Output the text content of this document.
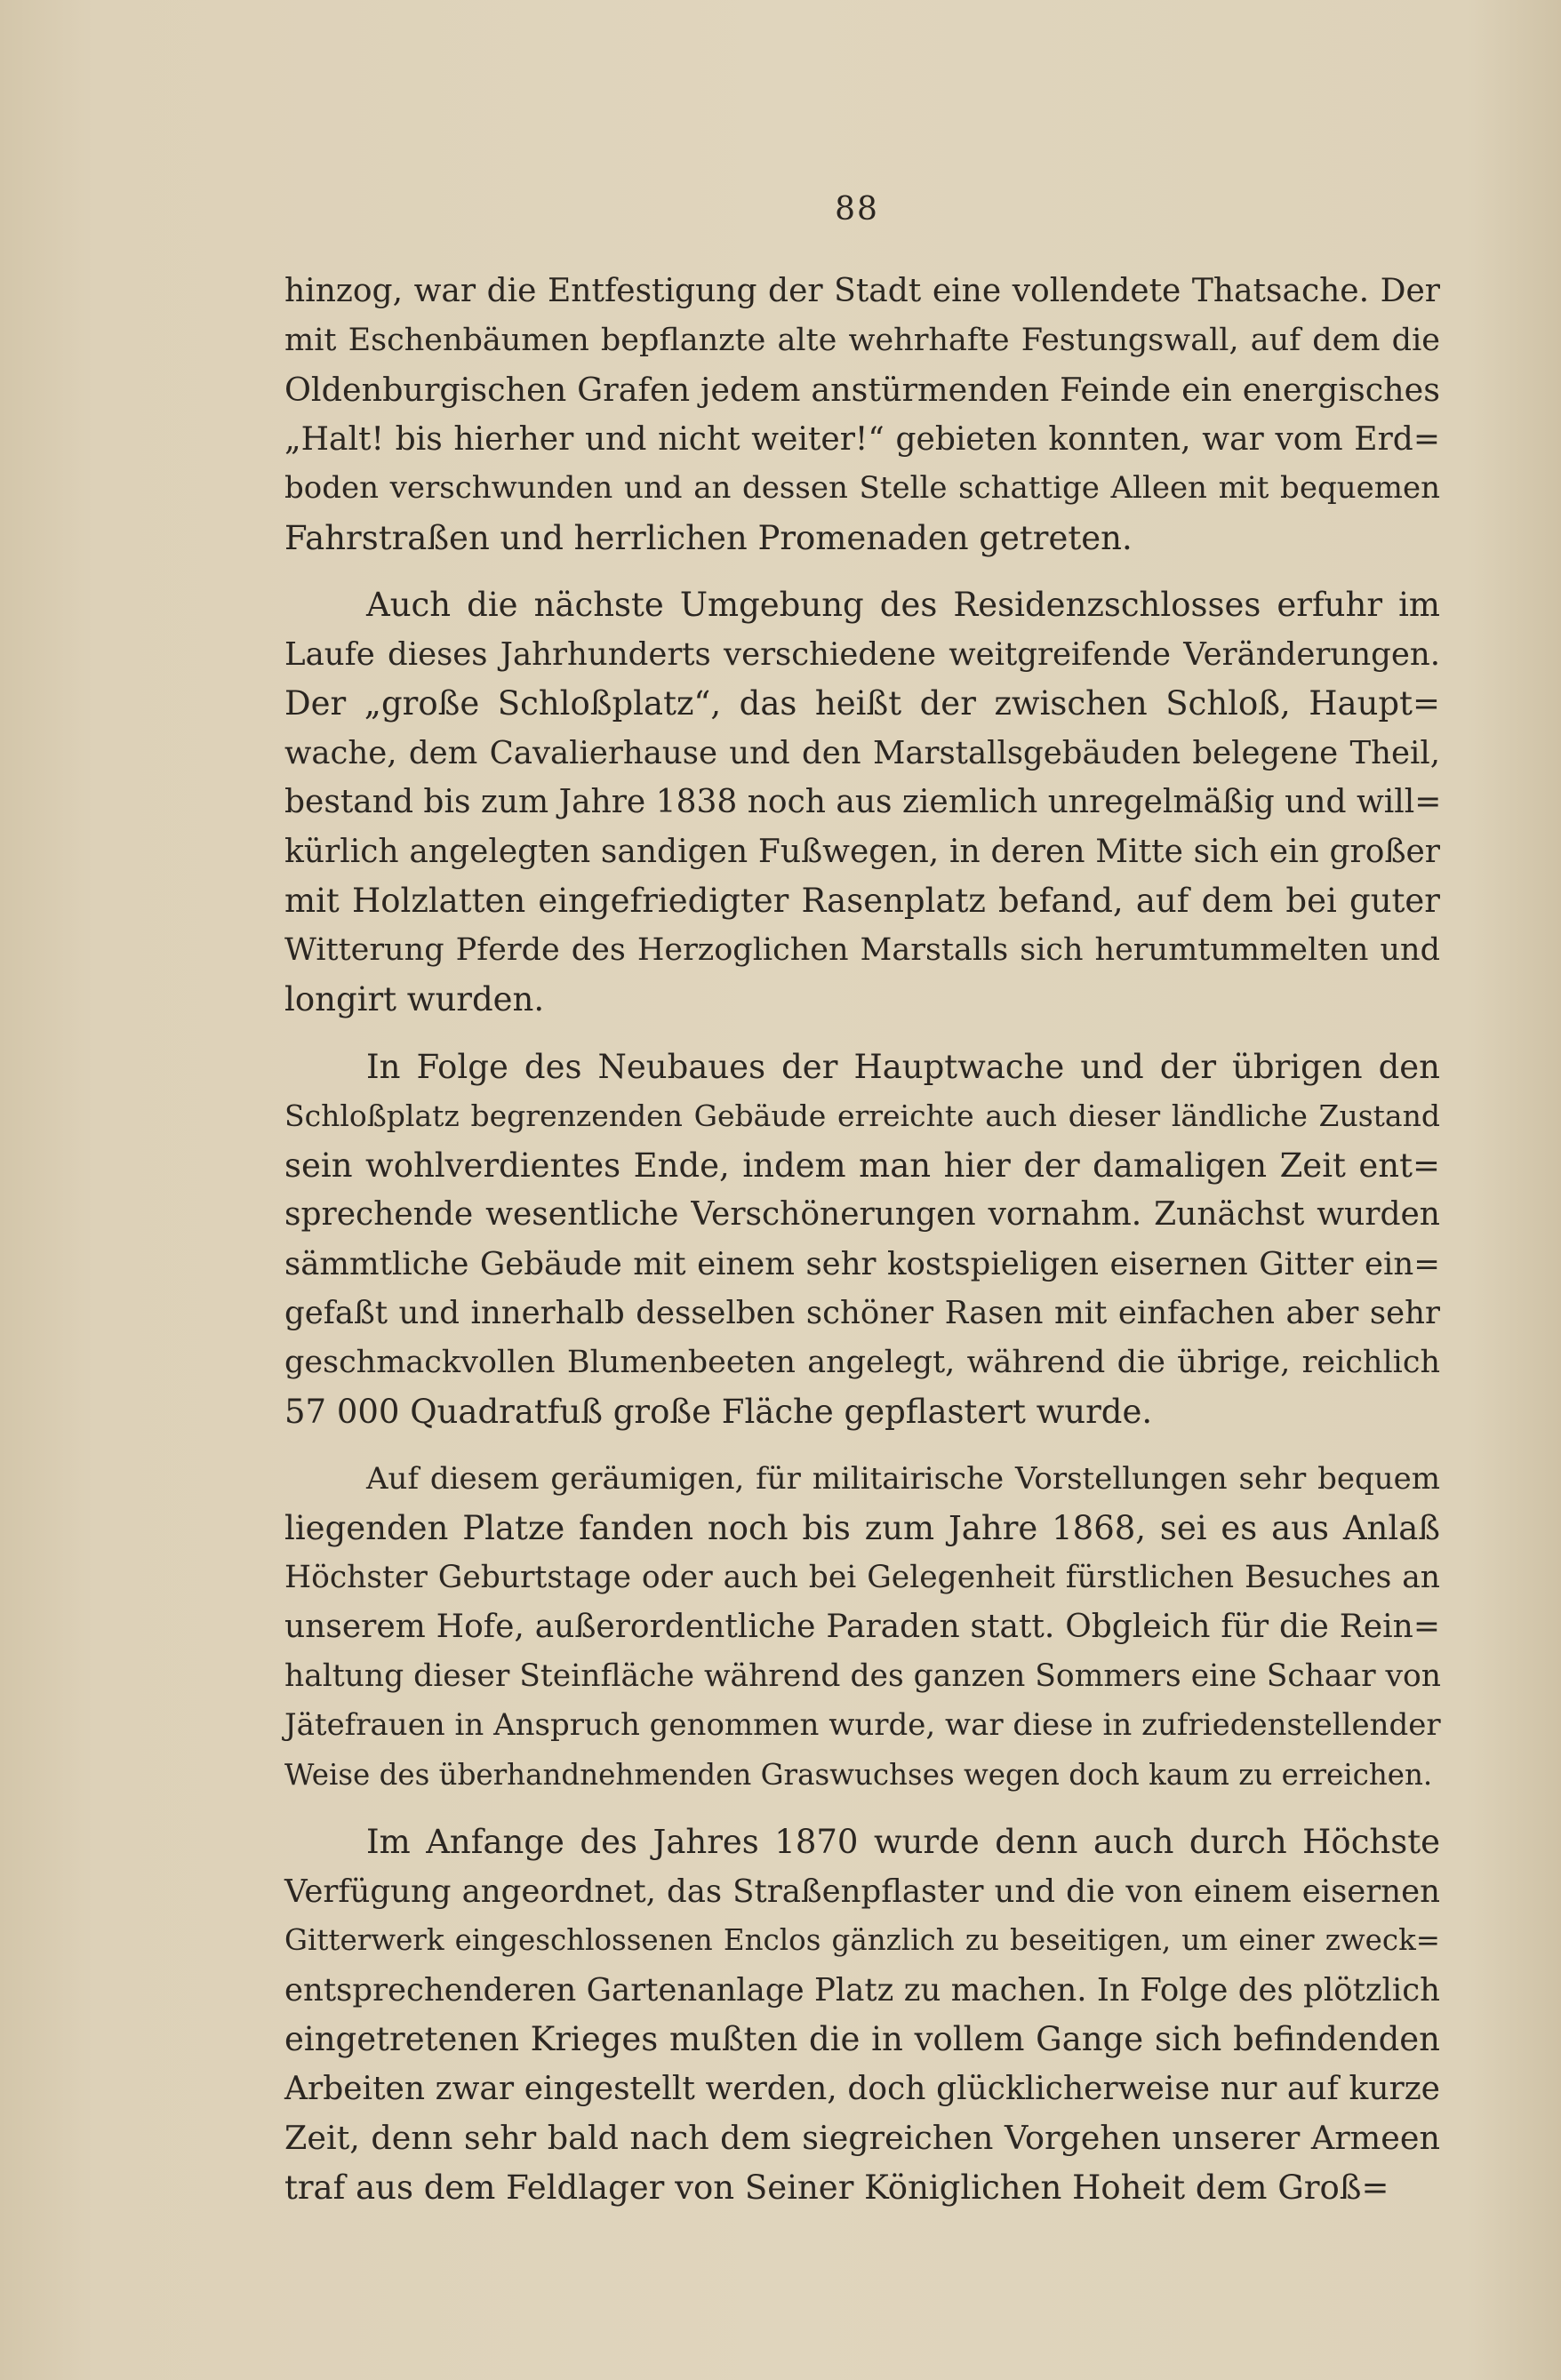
88
hinzog, war die Entfestigung der Stadt eine vollendete Thatsache. Der
mit Eschenbäumen bepflanzte alte wehrhafte Festungswall, auf dem die
Oldenburgischen Grafen jedem anstürmenden Feinde ein energisches
„Halt! bis hierher und nicht weiter!“ gebieten konnten, war vom Erd=
boden verschwunden und an dessen Stelle schattige Alleen mit bequemen
Fahrstraßen und herrlichen Promenaden getreten.
Auch die nächste Umgebung des Residenzschlosses erfuhr im
Laufe dieses Jahrhunderts verschiedene weitgreifende Veränderungen.
Der „große Schloßplatz“, das heißt der zwischen Schloß, Haupt=
wache, dem Cavalierhause und den Marstallsgebäuden belegene Theil,
bestand bis zum Jahre 1838 noch aus ziemlich unregelmäßig und will=
kürlich angelegten sandigen Fußwegen, in deren Mitte sich ein großer
mit Holzlatten eingefriedigter Rasenplatz befand, auf dem bei guter
Witterung Pferde des Herzoglichen Marstalls sich herumtummelten und
longirt wurden.
In Folge des Neubaues der Hauptwache und der übrigen den
Schloßplatz begrenzenden Gebäude erreichte auch dieser ländliche Zustand
sein wohlverdientes Ende, indem man hier der damaligen Zeit ent=
sprechende wesentliche Verschönerungen vornahm. Zunächst wurden
sämmtliche Gebäude mit einem sehr kostspieligen eisernen Gitter ein=
gefaßt und innerhalb desselben schöner Rasen mit einfachen aber sehr
geschmackvollen Blumenbeeten angelegt, während die übrige, reichlich
57 000 Quadratfuß große Fläche gepflastert wurde.
Auf diesem geräumigen, für militairische Vorstellungen sehr bequem
liegenden Platze fanden noch bis zum Jahre 1868, sei es aus Anlaß
Höchster Geburtstage oder auch bei Gelegenheit fürstlichen Besuches an
unserem Hofe, außerordentliche Paraden statt. Obgleich für die Rein=
haltung dieser Steinfläche während des ganzen Sommers eine Schaar von
Jätefrauen in Anspruch genommen wurde, war diese in zufriedenstellender
Weise des überhandnehmenden Graswuchses wegen doch kaum zu erreichen.
Im Anfange des Jahres 1870 wurde denn auch durch Höchste
Verfügung angeordnet, das Straßenpflaster und die von einem eisernen
Gitterwerk eingeschlossenen Enclos gänzlich zu beseitigen, um einer zweck=
entsprechenderen Gartenanlage Platz zu machen. In Folge des plötzlich
eingetretenen Krieges mußten die in vollem Gange sich befindenden
Arbeiten zwar eingestellt werden, doch glücklicherweise nur auf kurze
Zeit, denn sehr bald nach dem siegreichen Vorgehen unserer Armeen
traf aus dem Feldlager von Seiner Königlichen Hoheit dem Groß=
